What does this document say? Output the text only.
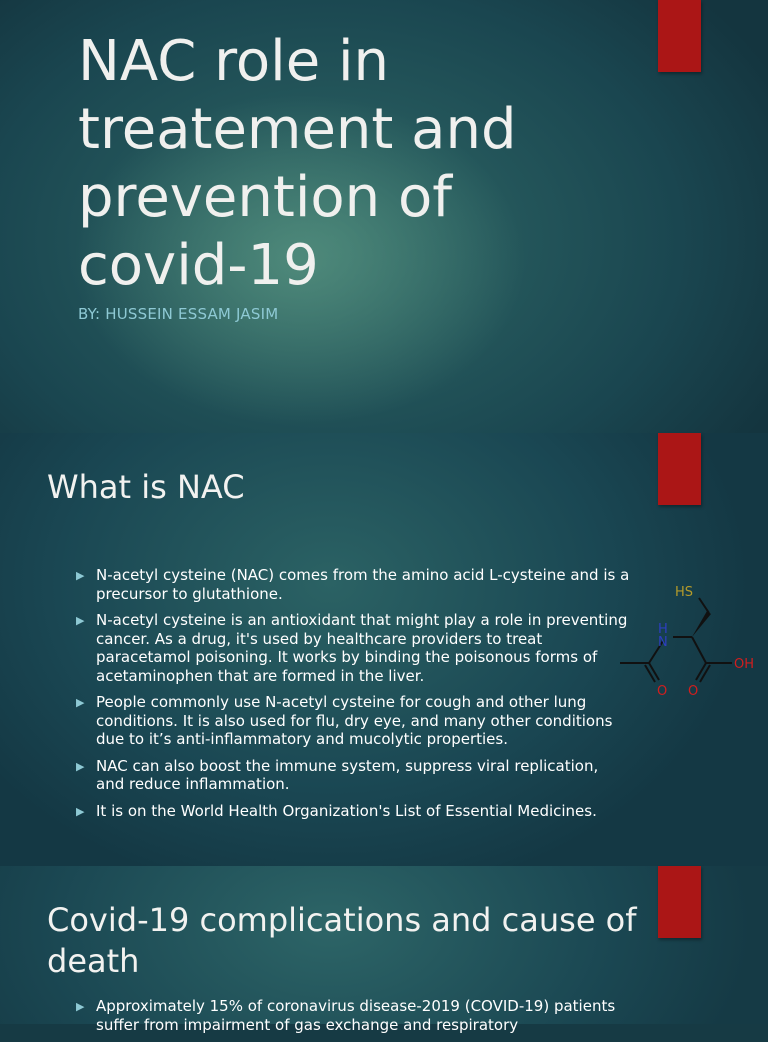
NAC role in treatement and prevention of covid-19

BY: HUSSEIN ESSAM JASIM

What is NAC
▶ N-acetyl cysteine (NAC) comes from the amino acid L-cysteine and is a precursor to glutathione.
▶ N-acetyl cysteine is an antioxidant that might play a role in preventing cancer. As a drug, it's used by healthcare providers to treat paracetamol poisoning. It works by binding the poisonous forms of acetaminophen that are formed in the liver.
▶ People commonly use N-acetyl cysteine for cough and other lung conditions. It is also used for flu, dry eye, and many other conditions due to it’s anti-inflammatory and mucolytic properties.
▶ NAC can also boost the immune system, suppress viral replication, and reduce inflammation.
▶ It is on the World Health Organization's List of Essential Medicines.
HS
H
N
OH
O O
Covid-19 complications and cause of death
▶ Approximately 15% of coronavirus disease-2019 (COVID-19) patients suffer from impairment of gas exchange and respiratory
